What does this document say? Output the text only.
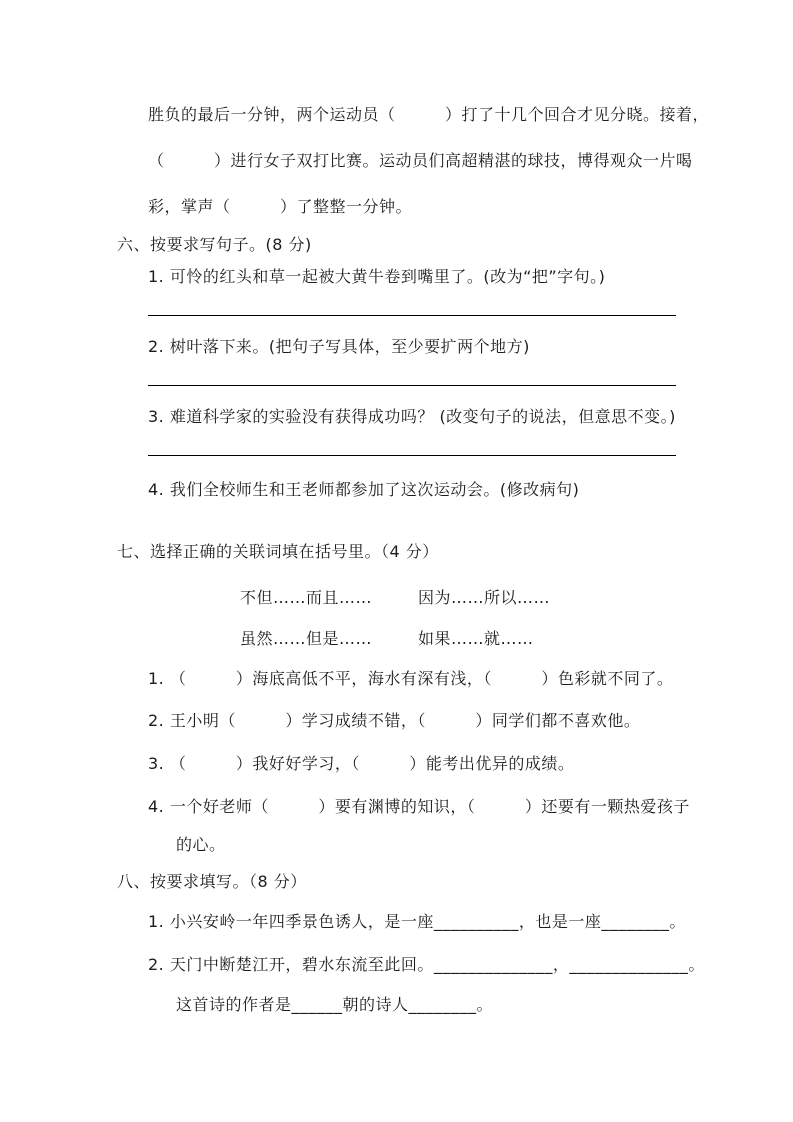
胜负的最后一分钟，两个运动员（　　　）打了十几个回合才见分晓。接着，
（　　　）进行女子双打比赛。运动员们高超精湛的球技，博得观众一片喝
彩，掌声（　　　）了整整一分钟。
六、按要求写句子。(8 分)
1. 可怜的红头和草一起被大黄牛卷到嘴里了。(改为“把”字句。)
2. 树叶落下来。(把句子写具体，至少要扩两个地方)
3. 难道科学家的实验没有获得成功吗？ (改变句子的说法，但意思不变。)
4. 我们全校师生和王老师都参加了这次运动会。(修改病句)
七、选择正确的关联词填在括号里。（4 分）
不但……而且……	因为……所以……
虽然……但是……	如果……就……
1. （　　　）海底高低不平，海水有深有浅，（　　　）色彩就不同了。
2. 王小明（　　　）学习成绩不错，（　　　）同学们都不喜欢他。
3. （　　　）我好好学习，（　　　）能考出优异的成绩。
4. 一个好老师（　　　）要有渊博的知识，（　　　）还要有一颗热爱孩子
的心。
八、按要求填写。（8 分）
1. 小兴安岭一年四季景色诱人，是一座__________，也是一座________。
2. 天门中断楚江开，碧水东流至此回。______________，______________。
这首诗的作者是______朝的诗人________。
